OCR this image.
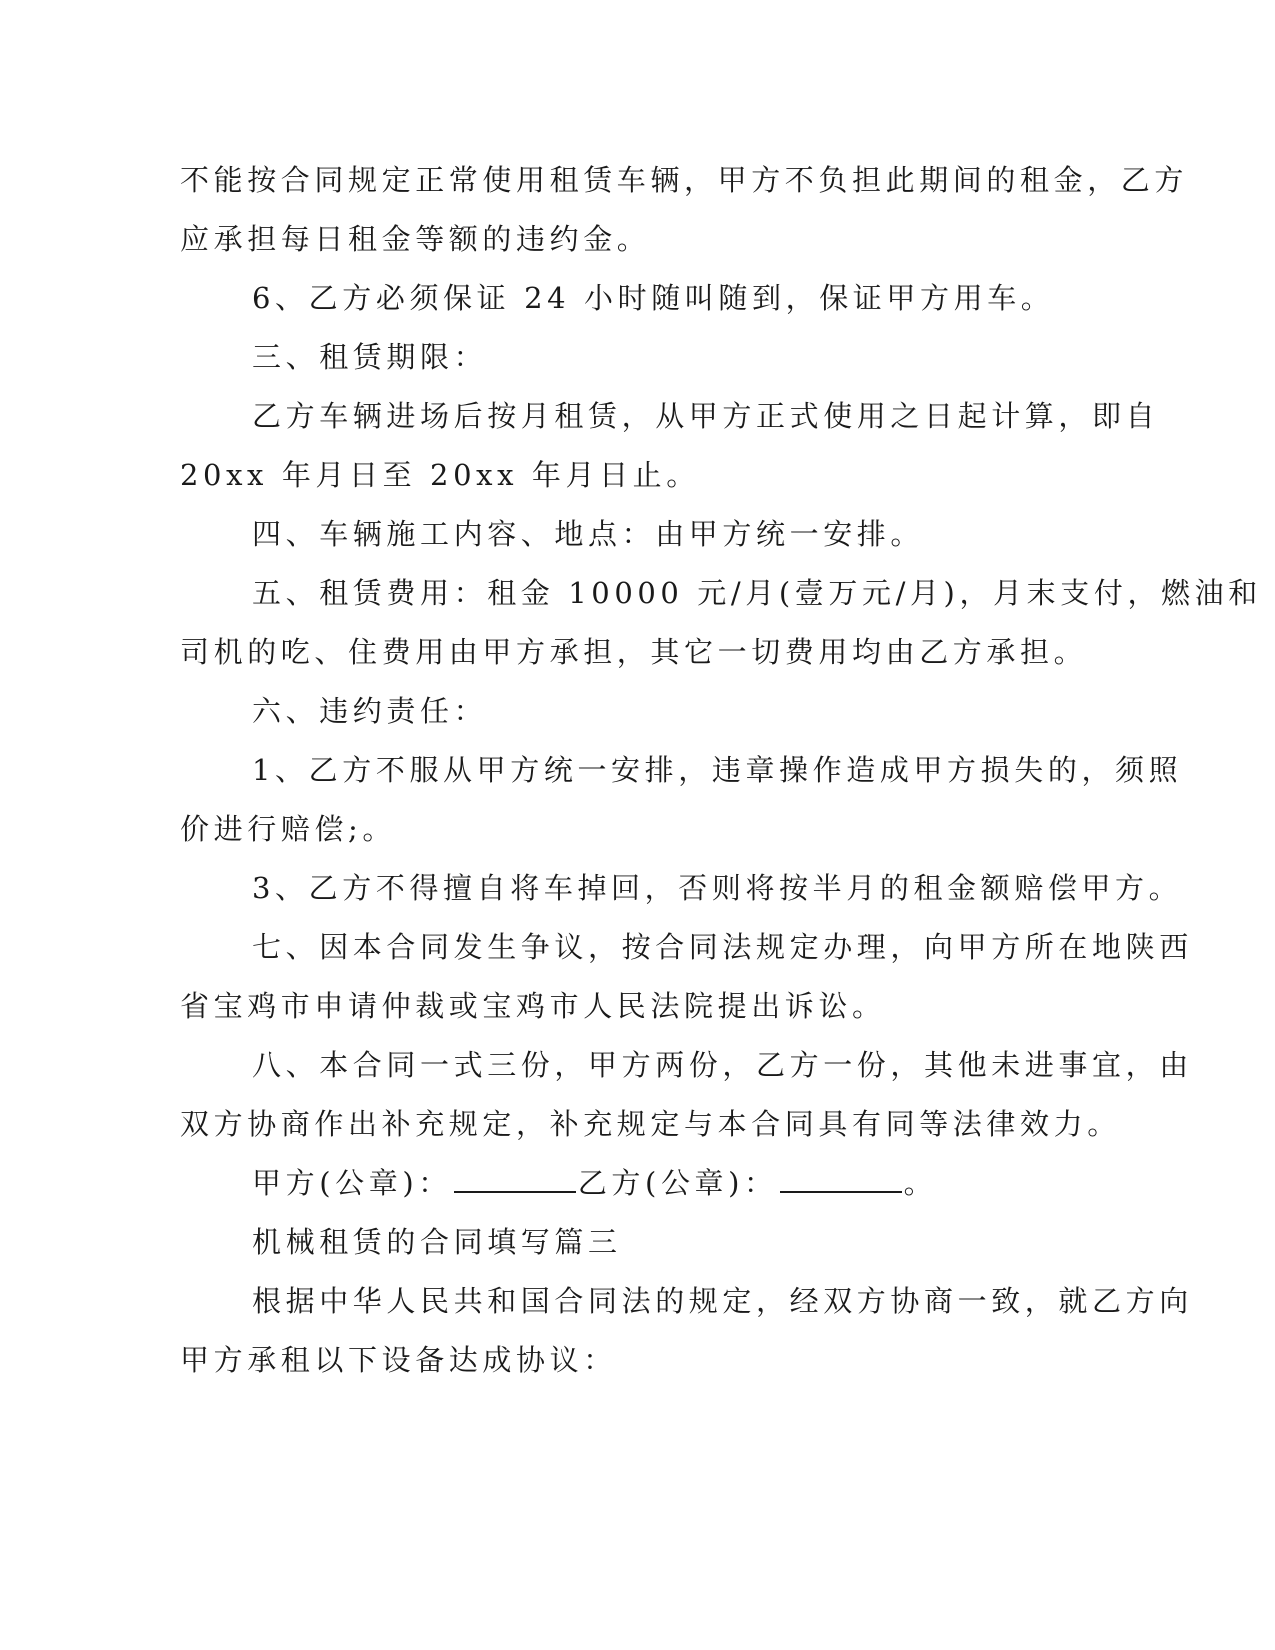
不能按合同规定正常使用租赁车辆，甲方不负担此期间的租金，乙方
应承担每日租金等额的违约金。
6、乙方必须保证 24 小时随叫随到，保证甲方用车。
三、租赁期限：
乙方车辆进场后按月租赁，从甲方正式使用之日起计算，即自
20xx 年月日至 20xx 年月日止。
四、车辆施工内容、地点：由甲方统一安排。
五、租赁费用：租金 10000 元/月(壹万元/月)，月末支付，燃油和
司机的吃、住费用由甲方承担，其它一切费用均由乙方承担。
六、违约责任：
1、乙方不服从甲方统一安排，违章操作造成甲方损失的，须照
价进行赔偿;。
3、乙方不得擅自将车掉回，否则将按半月的租金额赔偿甲方。
七、因本合同发生争议，按合同法规定办理，向甲方所在地陕西
省宝鸡市申请仲裁或宝鸡市人民法院提出诉讼。
八、本合同一式三份，甲方两份，乙方一份，其他未进事宜，由
双方协商作出补充规定，补充规定与本合同具有同等法律效力。
甲方(公章)：	乙方(公章)：	。
机械租赁的合同填写篇三
根据中华人民共和国合同法的规定，经双方协商一致，就乙方向
甲方承租以下设备达成协议：
